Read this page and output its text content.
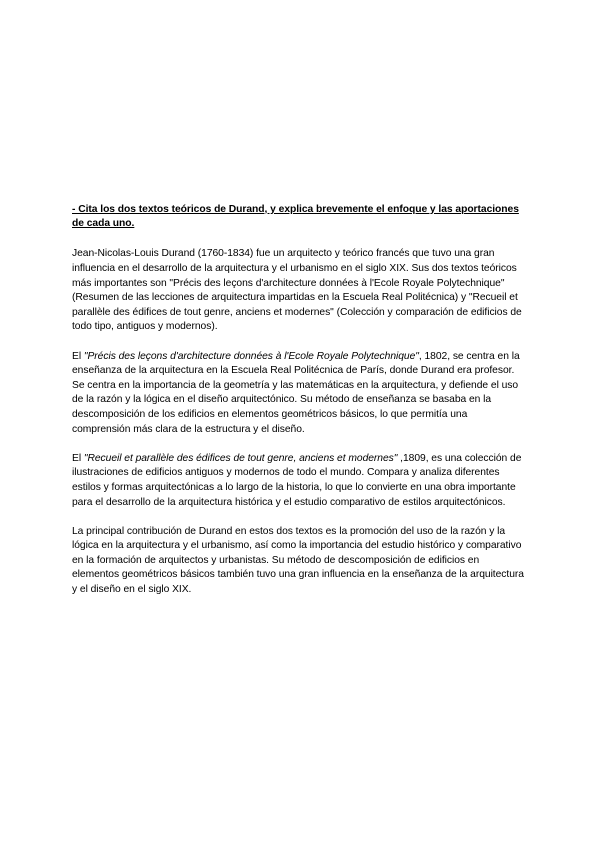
- Cita los dos textos teóricos de Durand, y explica brevemente el enfoque y las aportaciones de cada uno.

Jean-Nicolas-Louis Durand (1760-1834) fue un arquitecto y teórico francés que tuvo una gran influencia en el desarrollo de la arquitectura y el urbanismo en el siglo XIX. Sus dos textos teóricos más importantes son "Précis des leçons d'architecture données à l'Ecole Royale Polytechnique" (Resumen de las lecciones de arquitectura impartidas en la Escuela Real Politécnica) y "Recueil et parallèle des édifices de tout genre, anciens et modernes" (Colección y comparación de edificios de todo tipo, antiguos y modernos).

El "Précis des leçons d'architecture données à l'Ecole Royale Polytechnique", 1802, se centra en la enseñanza de la arquitectura en la Escuela Real Politécnica de París, donde Durand era profesor. Se centra en la importancia de la geometría y las matemáticas en la arquitectura, y defiende el uso de la razón y la lógica en el diseño arquitectónico. Su método de enseñanza se basaba en la descomposición de los edificios en elementos geométricos básicos, lo que permitía una comprensión más clara de la estructura y el diseño.

El "Recueil et parallèle des édifices de tout genre, anciens et modernes" ,1809, es una colección de ilustraciones de edificios antiguos y modernos de todo el mundo. Compara y analiza diferentes estilos y formas arquitectónicas a lo largo de la historia, lo que lo convierte en una obra importante para el desarrollo de la arquitectura histórica y el estudio comparativo de estilos arquitectónicos.

La principal contribución de Durand en estos dos textos es la promoción del uso de la razón y la lógica en la arquitectura y el urbanismo, así como la importancia del estudio histórico y comparativo en la formación de arquitectos y urbanistas. Su método de descomposición de edificios en elementos geométricos básicos también tuvo una gran influencia en la enseñanza de la arquitectura y el diseño en el siglo XIX.
